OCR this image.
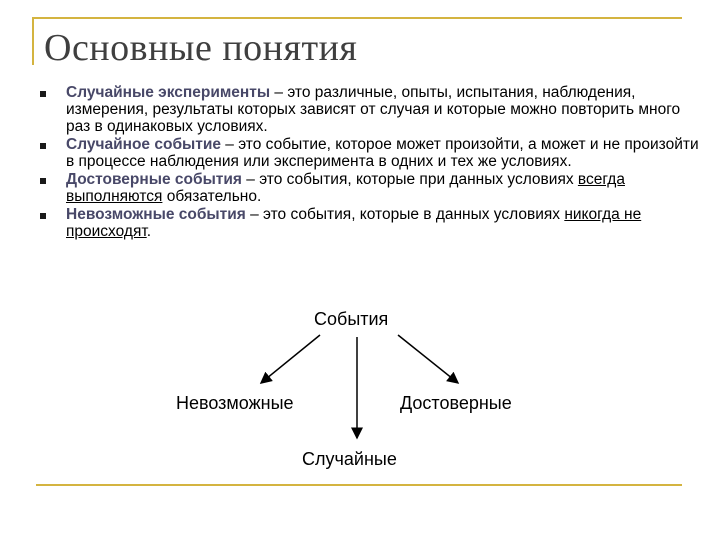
Основные понятия
Случайные эксперименты – это различные, опыты, испытания, наблюдения, измерения, результаты которых зависят от случая и которые можно повторить много раз в одинаковых условиях.
Случайное событие – это событие, которое может произойти, а может и не произойти в процессе наблюдения или эксперимента в одних и тех же условиях.
Достоверные события – это события, которые при данных условиях всегда выполняются обязательно.
Невозможные события – это события, которые в данных условиях никогда не происходят.
События
Невозможные	Достоверные
Случайные
